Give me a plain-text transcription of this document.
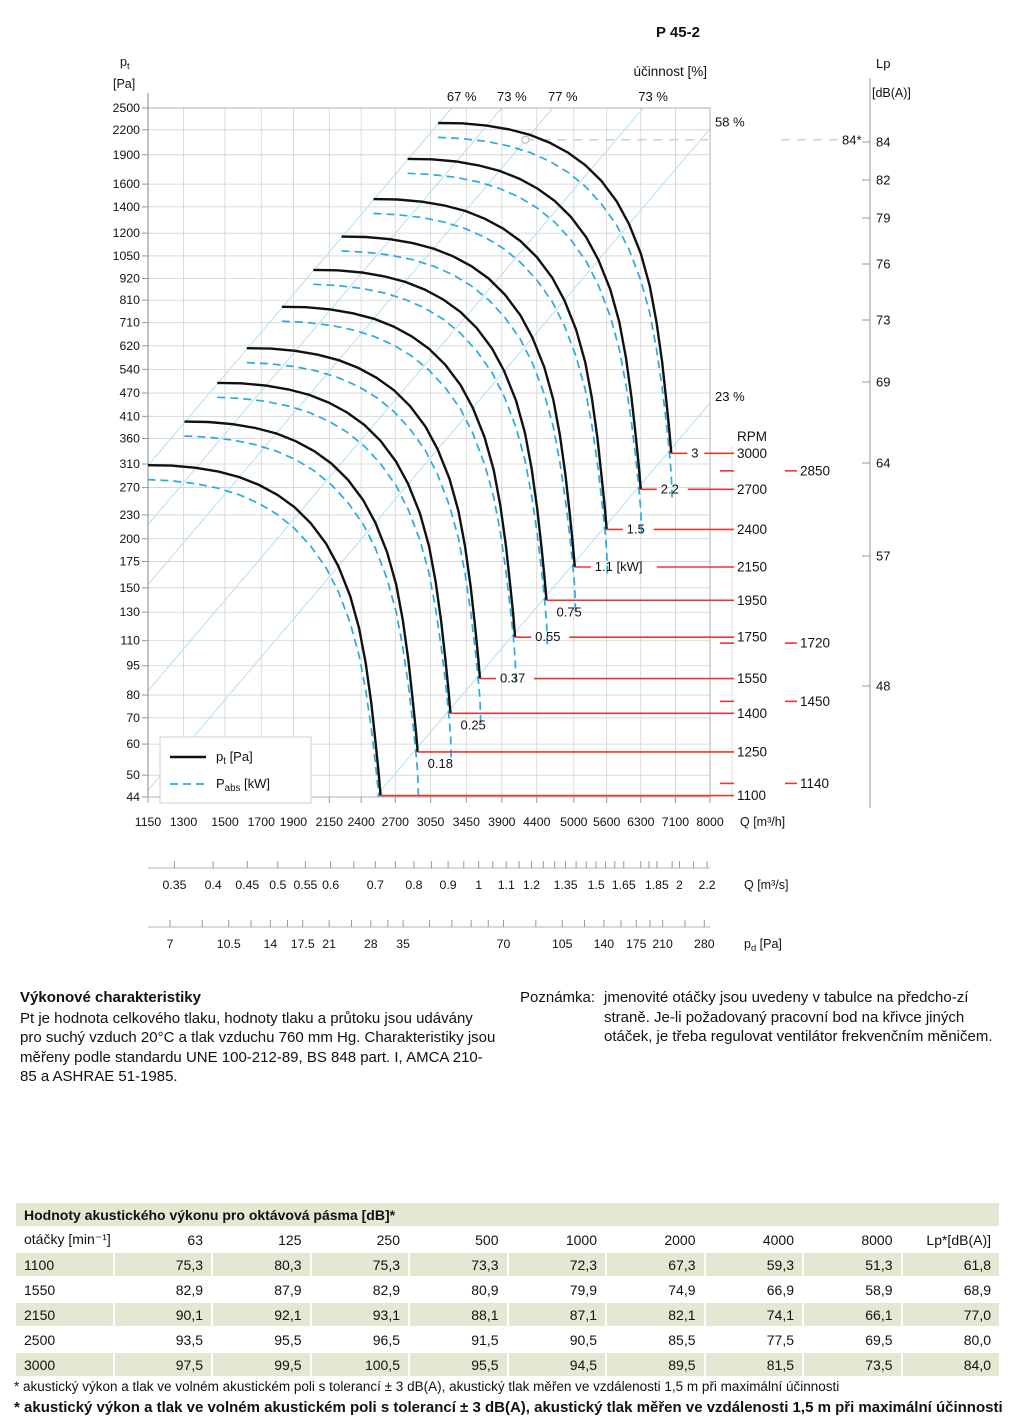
84*
RPM
3	3000
2.2	2700
1.5	2400
1.1 [kW]	2150
0.75
1950
0.55	1750
0.37	1550
0.25
1400
0.18
1250
1100
2850
1720
1450
1140
účinnost [%]
67 % 73 % 77 %	73 %
58 %
23 %
P 45-2
$p_t$
[Pa]
2500
2200
1900
1600
1400
1200
1050
920
810
710
620
540
470
410
360
310
270
230
200
175
150
130
110
95
80
70
60
50
44
1150 1300 1500 1700 1900 2150 2400 2700 3050 3450 3900 4400 5000 5600 6300 7100 8000 Q [m³/h]
0.35 0.4 0.45 0.5 0.55 0.6 0.7 0.8 0.9 1 1.1 1.2 1.35 1.5 1.65 1.85 2 2.2 Q [m³/s]
7	10.5 14 17.5 21 28 35	70	105 140 175 210 280 $p_d$ [Pa]
Lp
[dB(A)]
84
82
79
76
73
69
64
57
48
$p_t$ [Pa]
$P_{abs}$ [kW]
Výkonové charakteristiky
Pt je hodnota celkového tlaku, hodnoty tlaku a průtoku jsou udávány pro suchý vzduch 20°C a tlak vzduchu 760 mm Hg. Charakteristiky jsou měřeny podle standardu UNE 100-212-89, BS 848 part. I, AMCA 210-85 a ASHRAE 51-1985.
Poznámka: jmenovité otáčky jsou uvedeny v tabulce na předcho-zí straně. Je-li požadovaný pracovní bod na křivce jiných otáček, je třeba regulovat ventilátor frekvenčním měničem.
Hodnoty akustického výkonu pro oktávová pásma [dB]*									
otáčky [min⁻¹]	63	125	250	500	1000	2000	4000	8000	Lp*[dB(A)]
1100	75,3	80,3	75,3	73,3	72,3	67,3	59,3	51,3	61,8
1550	82,9	87,9	82,9	80,9	79,9	74,9	66,9	58,9	68,9
2150	90,1	92,1	93,1	88,1	87,1	82,1	74,1	66,1	77,0
2500	93,5	95,5	96,5	91,5	90,5	85,5	77,5	69,5	80,0
3000	97,5	99,5	100,5	95,5	94,5	89,5	81,5	73,5	84,0
* akustický výkon a tlak ve volném akustickém poli s tolerancí ± 3 dB(A), akustický tlak měřen ve vzdálenosti 1,5 m při maximální účinnosti
* akustický výkon a tlak ve volném akustickém poli s tolerancí ± 3 dB(A), akustický tlak měřen ve vzdálenosti 1,5 m při maximální účinnosti
